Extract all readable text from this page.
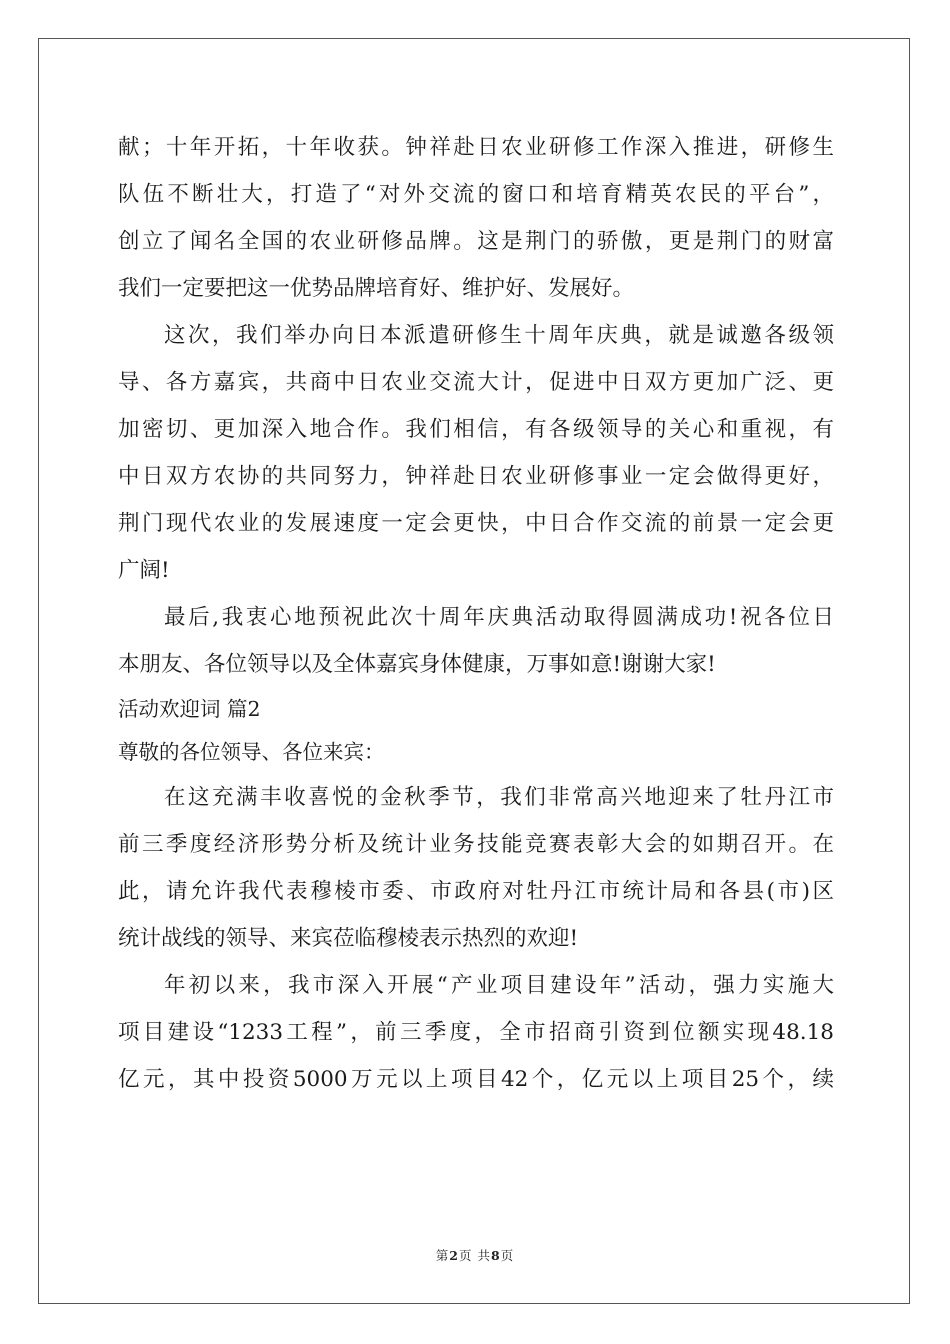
献；十年开拓，十年收获。钟祥赴日农业研修工作深入推进，研修生
队伍不断壮大，打造了“对外交流的窗口和培育精英农民的平台”，
创立了闻名全国的农业研修品牌。这是荆门的骄傲，更是荆门的财富
我们一定要把这一优势品牌培育好、维护好、发展好。
这次，我们举办向日本派遣研修生十周年庆典，就是诚邀各级领
导、各方嘉宾，共商中日农业交流大计，促进中日双方更加广泛、更
加密切、更加深入地合作。我们相信，有各级领导的关心和重视，有
中日双方农协的共同努力，钟祥赴日农业研修事业一定会做得更好，
荆门现代农业的发展速度一定会更快，中日合作交流的前景一定会更
广阔!
最后,我衷心地预祝此次十周年庆典活动取得圆满成功!祝各位日
本朋友、各位领导以及全体嘉宾身体健康，万事如意!谢谢大家!
活动欢迎词 篇2
尊敬的各位领导、各位来宾：
在这充满丰收喜悦的金秋季节，我们非常高兴地迎来了牡丹江市
前三季度经济形势分析及统计业务技能竞赛表彰大会的如期召开。在
此，请允许我代表穆棱市委、市政府对牡丹江市统计局和各县(市)区
统计战线的领导、来宾莅临穆棱表示热烈的欢迎!
年初以来，我市深入开展“产业项目建设年”活动，强力实施大
项目建设“1233工程”，前三季度，全市招商引资到位额实现48.18
亿元，其中投资5000万元以上项目42个，亿元以上项目25个，续
第2页 共8页
